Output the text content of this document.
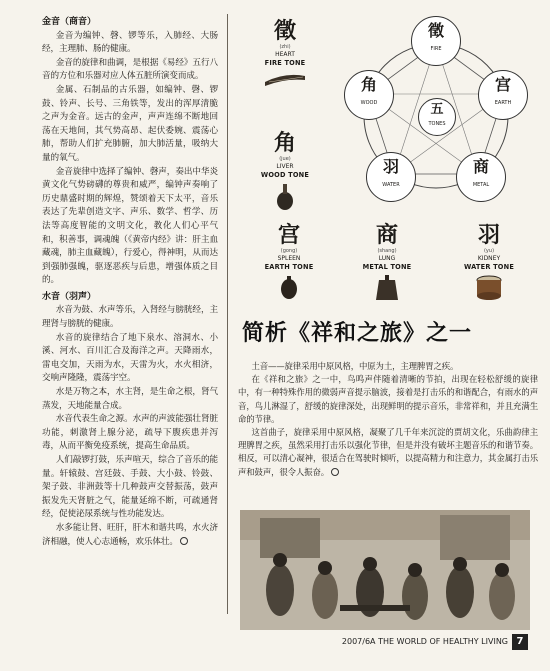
金音（商音）

金音为编钟、磬、锣等乐，入肺经、大肠经，主理肺、肠的健康。

金音的旋律和曲调，是根据《易经》五行八音的方位和乐器对应人体五脏所演变而成。

金属、石制品的古乐器，如编钟、磬、锣鼓、铃声、长号、三角铁等，发出的浑厚清脆之声为金音。远古的金声，声声连绵不断地回荡在天地间，其气势高昂、起伏委婉、震荡心肺，帮助人们扩充肺腑，加大肺活量，吸纳大量的氧气。

金音旋律中选择了编钟、磬声，奏出中华炎黄文化气势磅礴的尊贵和威严，编钟声奏响了历史鼎盛时期的辉煌，赞颂着天下太平，音乐表达了先辈创造文字、声乐、数学、哲学、历法等高度智能的文明文化，教化人们心平气和，积善事，调魂魄（《黄帝内经》讲：肝主血藏魂，肺主血藏魄），行爱心，得神明，从而达到强肺强魄，驱逐恶疾与后患，增强体质之目的。

水音（羽声）

水音为鼓、水声等乐，入肾经与膀胱经，主理肾与膀胱的健康。

水音的旋律结合了地下泉水、溶洞水、小溪、河水、百川汇合及海洋之声。天降雨水，雷电交加，天雨为水，天雷为火，水火相济，交响声隆隆，震荡宇空。

水是万物之本，水主肾，是生命之根，肾气蒸发，天地能量合成。

水音代表生命之源。水声的声波能强壮肾脏功能，刺激肾上腺分泌，疏导下腹疾患并泻毒，从而平衡免疫系统，提高生命品质。

人们敲锣打鼓，乐声喧天，综合了音乐的能量。轩辕鼓、宫廷鼓、手鼓、大小鼓、铃鼓、架子鼓、非洲鼓等十几种鼓声交替振荡，鼓声振发先天肾脏之气，能量延绵不断，可疏通肾经，促使泌尿系统与性功能发达。

水多能让肾、旺肝，肝木和谐共鸣，水火济济相融，使人心志通畅，欢乐体壮。

徵
(zhi)
HEART
FIRE TONE
角
(jue)
LIVER
WOOD TONE
徵
FIRE
角
WOOD
宫
EARTH
羽
WATER
商
METAL
五
TONES
宫
(gong)
SPLEEN
EARTH TONE
商
(shang)
LUNG
METAL TONE
羽
(yu)
KIDNEY
WATER TONE
简析《祥和之旅》之一

土音——旋律采用中原风格，中原为土，主理脾胃之疾。

在《祥和之旅》之一中，鸟鸣声伴随着清晰的节拍，出现在轻松舒缓的旋律中，有一种特殊作用的微弱声音提示脑波，接着是打击乐的和谐配合，有雨水的声音，鸟儿淋湿了，舒缓的旋律深处，出现鲜明的提示音乐，非常祥和，并且充满生命的节律。

这首曲子，旋律采用中原风格，凝聚了几千年来沉淀的贾胡文化，乐曲韵律主理脾胃之疾，虽然采用打击乐以强化节律，但是并没有破坏主题音乐的和谐节奏。相反，可以清心凝神，很适合在驾驶时倾听，以提高精力和注意力，其金属打击乐声和鼓声，很令人振奋。

2007/6A THE WORLD OF HEALTHY LIVING 7
